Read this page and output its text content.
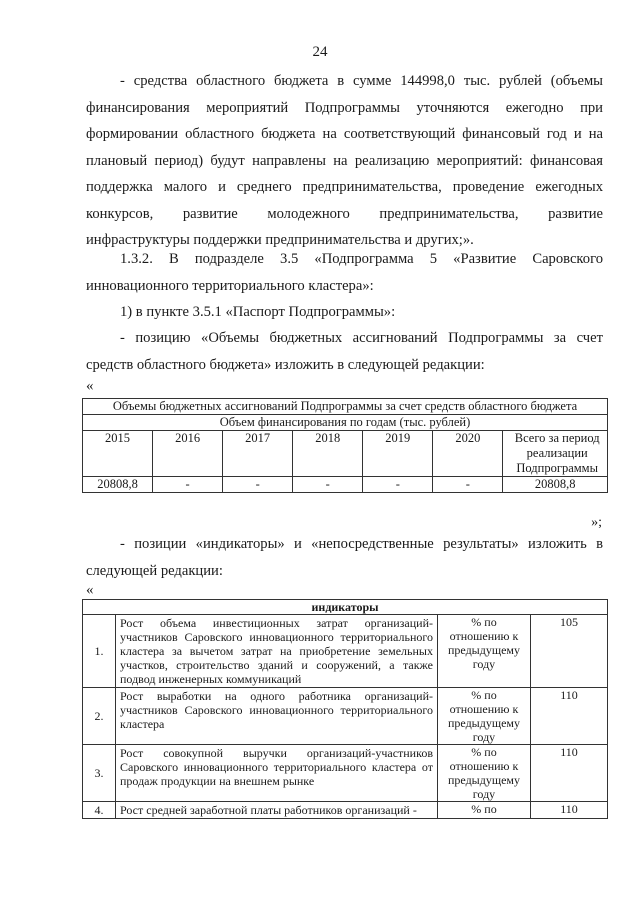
24

- средства областного бюджета в сумме 144998,0 тыс. рублей (объемы финансирования мероприятий Подпрограммы уточняются ежегодно при формировании областного бюджета на соответствующий финансовый год и на плановый период) будут направлены на реализацию мероприятий: финансовая поддержка малого и среднего предпринимательства, проведение ежегодных конкурсов, развитие молодежного предпринимательства, развитие инфраструктуры поддержки предпринимательства и других;».

1.3.2. В подразделе 3.5 «Подпрограмма 5 «Развитие Саровского инновационного территориального кластера»:

1) в пункте 3.5.1 «Паспорт Подпрограммы»:

- позицию «Объемы бюджетных ассигнований Подпрограммы за счет средств областного бюджета» изложить в следующей редакции:

«
Объемы бюджетных ассигнований Подпрограммы за счет средств областного бюджета						
Объем финансирования по годам (тыс. рублей)						
2015	2016	2017	2018	2019	2020	Всего за период реализации Подпрограммы
20808,8	-	-	-	-	-	20808,8
»;

- позиции «индикаторы» и «непосредственные результаты» изложить в следующей редакции:

«
индикаторы			
1.	Рост объема инвестиционных затрат организаций-участников Саровского инновационного территориального кластера за вычетом затрат на приобретение земельных участков, строительство зданий и сооружений, а также подвод инженерных коммуникаций	% по отношению к предыдущему году	105
2.	Рост выработки на одного работника организаций-участников Саровского инновационного территориального кластера	% по отношению к предыдущему году	110
3.	Рост совокупной выручки организаций-участников Саровского инновационного территориального кластера от продаж продукции на внешнем рынке	% по отношению к предыдущему году	110
4.	Рост средней заработной платы работников организаций -	% по	110
